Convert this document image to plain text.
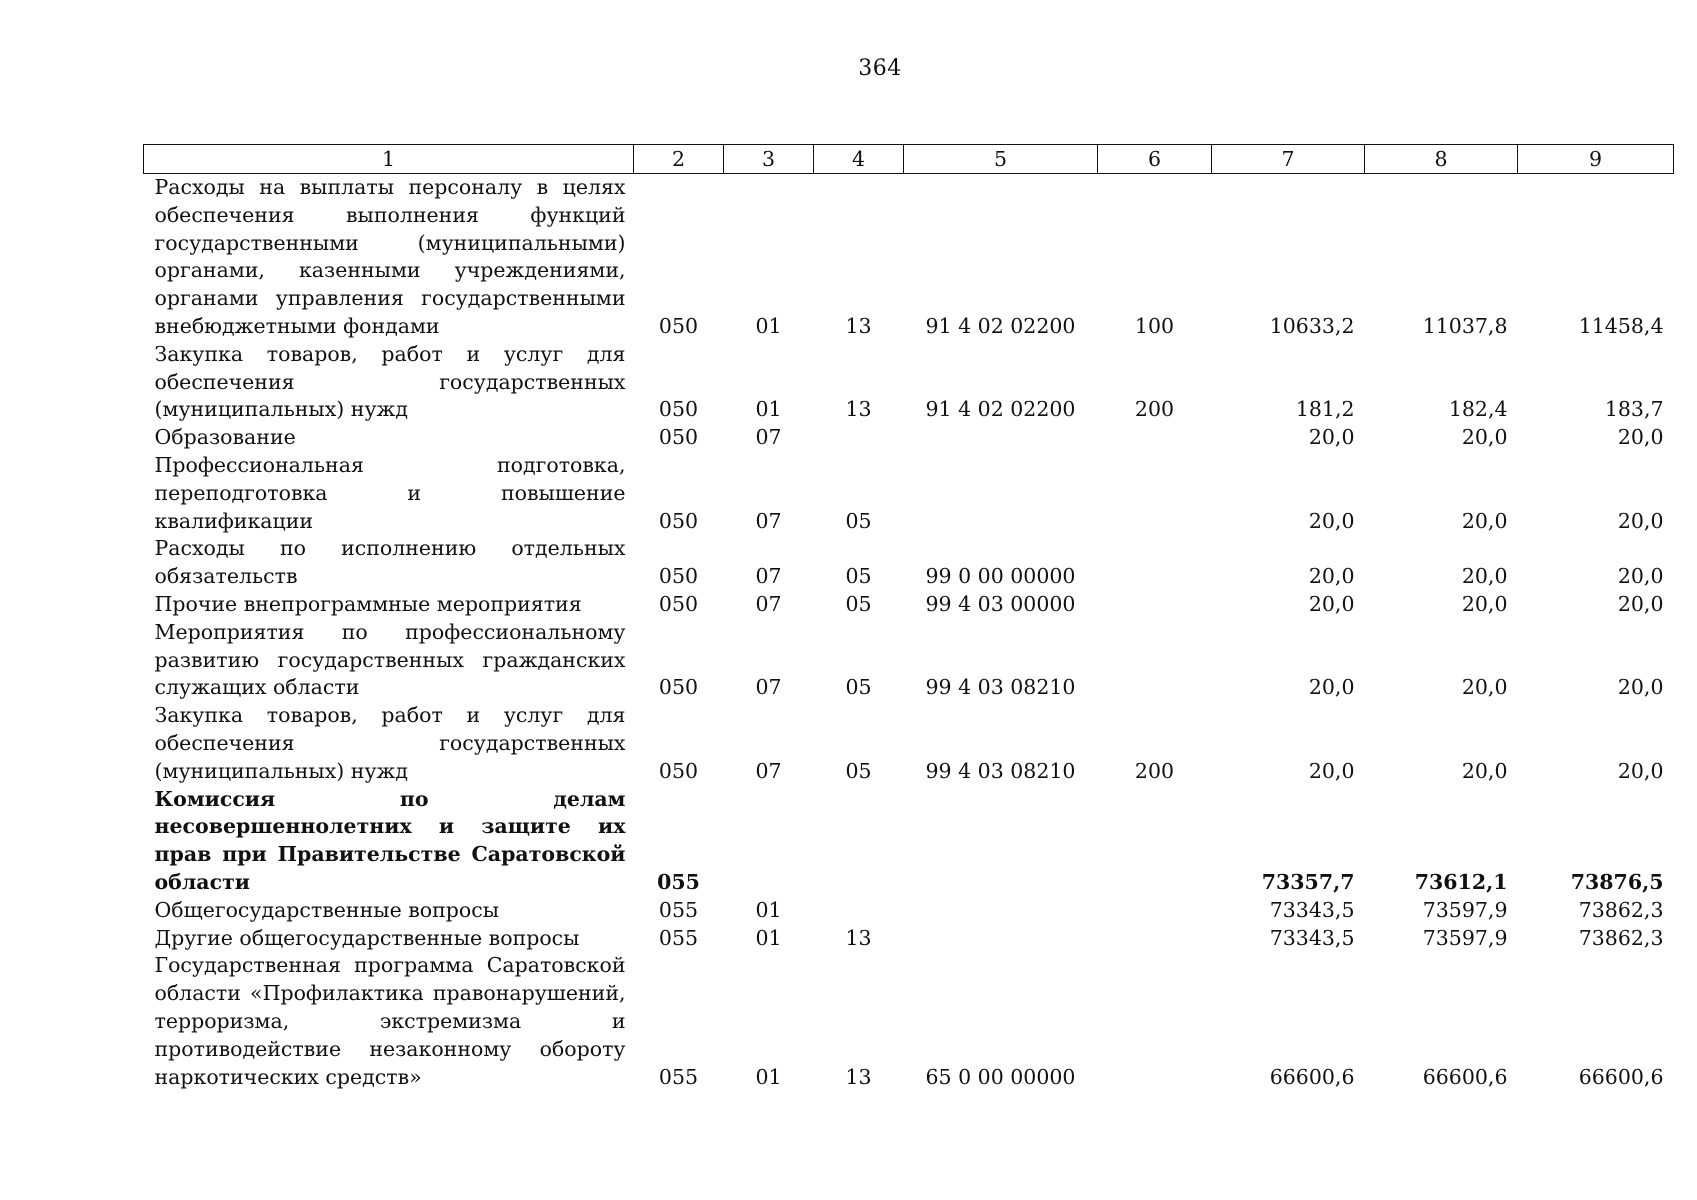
364
1	2	3	4	5	6	7	8	9
Расходы на выплаты персоналу в целях обеспечения выполнения функций государственными (муниципальными) органами, казенными учреждениями, органами управления государственными внебюджетными фондами	050	01	13	91 4 02 02200	100	10633,2	11037,8	11458,4
Закупка товаров, работ и услуг для обеспечения государственных (муниципальных) нужд	050	01	13	91 4 02 02200	200	181,2	182,4	183,7
Образование	050	07				20,0	20,0	20,0
Профессиональная подготовка, переподготовка и повышение квалификации	050	07	05			20,0	20,0	20,0
Расходы по исполнению отдельных обязательств	050	07	05	99 0 00 00000		20,0	20,0	20,0
Прочие внепрограммные мероприятия	050	07	05	99 4 03 00000		20,0	20,0	20,0
Мероприятия по профессиональному развитию государственных гражданских служащих области	050	07	05	99 4 03 08210		20,0	20,0	20,0
Закупка товаров, работ и услуг для обеспечения государственных (муниципальных) нужд	050	07	05	99 4 03 08210	200	20,0	20,0	20,0
Комиссия по делам несовершеннолетних и защите их прав при Правительстве Саратовской области	055					73357,7	73612,1	73876,5
Общегосударственные вопросы	055	01				73343,5	73597,9	73862,3
Другие общегосударственные вопросы	055	01	13			73343,5	73597,9	73862,3
Государственная программа Саратовской области «Профилактика правонарушений, терроризма, экстремизма и противодействие незаконному обороту наркотических средств»	055	01	13	65 0 00 00000		66600,6	66600,6	66600,6
